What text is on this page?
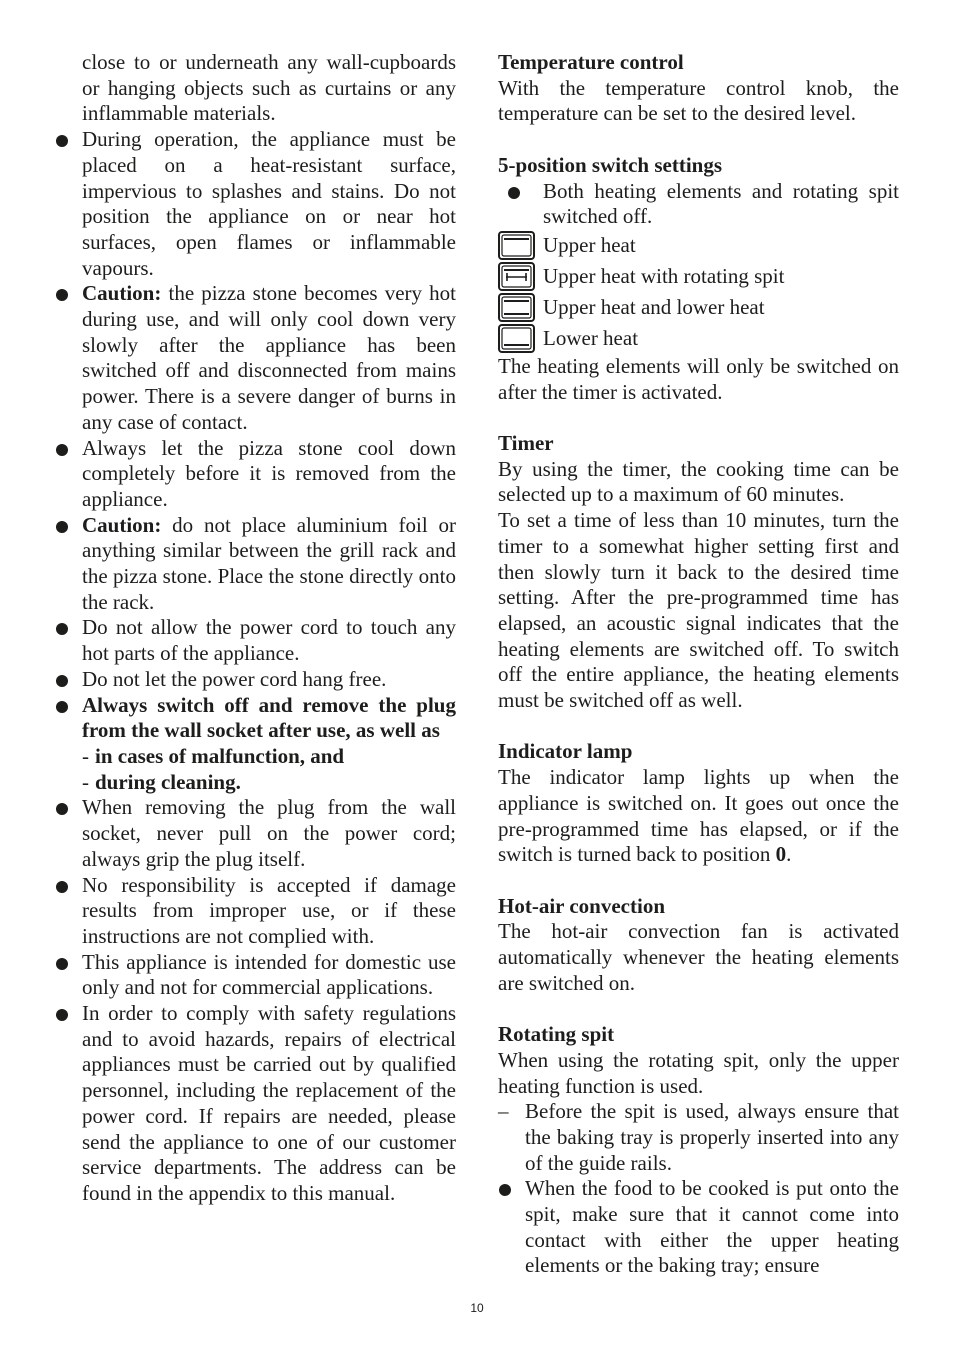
close to or underneath any wall-cupboards or hanging objects such as curtains or any inflammable materials.

During operation, the appliance must be placed on a heat-resistant surface, impervious to splashes and stains. Do not position the appliance on or near hot surfaces, open flames or inflammable vapours.
Caution: the pizza stone becomes very hot during use, and will only cool down very slowly after the appliance has been switched off and disconnected from mains power. There is a severe danger of burns in any case of contact.
Always let the pizza stone cool down completely before it is removed from the appliance.
Caution: do not place aluminium foil or anything similar between the grill rack and the pizza stone. Place the stone directly onto the rack.
Do not allow the power cord to touch any hot parts of the appliance.
Do not let the power cord hang free.
Always switch off and remove the plug from the wall socket after use, as well as
- in cases of malfunction, and
- during cleaning.
When removing the plug from the wall socket, never pull on the power cord; always grip the plug itself.
No responsibility is accepted if damage results from improper use, or if these instructions are not complied with.
This appliance is intended for domestic use only and not for commercial applications.
In order to comply with safety regulations and to avoid hazards, repairs of electrical appliances must be carried out by qualified personnel, including the replacement of the power cord. If repairs are needed, please send the appliance to one of our customer service departments. The address can be found in the appendix to this manual.

Temperature control

With the temperature control knob, the temperature can be set to the desired level.

5-position switch settings

Both heating elements and rotating spit switched off.
Upper heat
Upper heat with rotating spit
Upper heat and lower heat
Lower heat

The heating elements will only be switched on after the timer is activated.

Timer

By using the timer, the cooking time can be selected up to a maximum of 60 minutes.

To set a time of less than 10 minutes, turn the timer to a somewhat higher setting first and then slowly turn it back to the desired time setting. After the pre-programmed time has elapsed, an acoustic signal indicates that the heating elements are switched off. To switch off the entire appliance, the heating elements must be switched off as well.

Indicator lamp

The indicator lamp lights up when the appliance is switched on. It goes out once the pre-programmed time has elapsed, or if the switch is turned back to position 0.

Hot-air convection

The hot-air convection fan is activated automatically whenever the heating elements are switched on.

Rotating spit

When using the rotating spit, only the upper heating function is used.

– Before the spit is used, always ensure that the baking tray is properly inserted into any of the guide rails.
When the food to be cooked is put onto the spit, make sure that it cannot come into contact with either the upper heating elements or the baking tray; ensure
10
